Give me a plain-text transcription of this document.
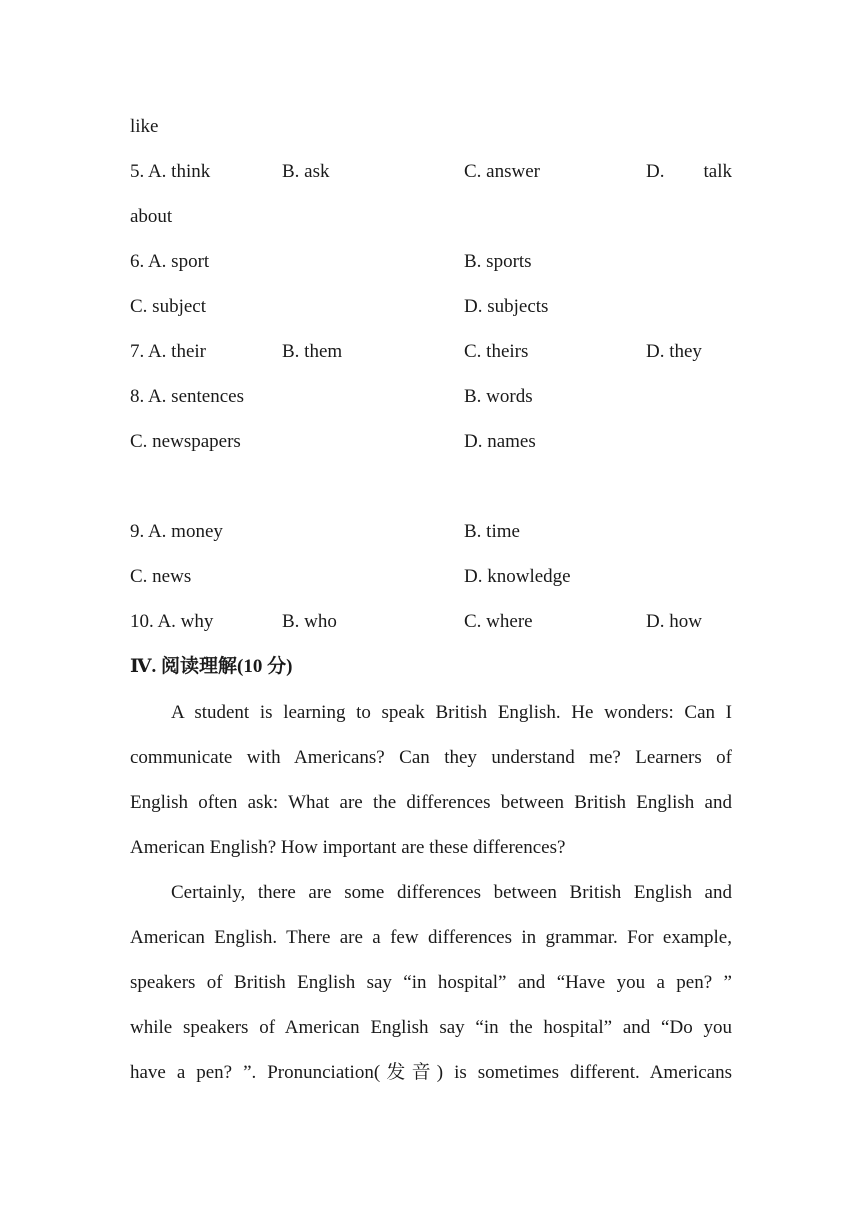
like
5. A. think	B. ask	C. answer	D. talk
about
6. A. sport	B. sports
C. subject	D. subjects
7. A. their	B. them	C. theirs	D. they
8. A. sentences	B. words
C. newspapers	D. names
9. A. money	B. time
C. news	D. knowledge
10. A. why	B. who	C. where	D. how
Ⅳ. 阅读理解(10 分)
A student is learning to speak British English. He wonders: Can I
communicate with Americans? Can they understand me? Learners of
English often ask: What are the differences between British English and
American English? How important are these differences?
Certainly, there are some differences between British English and
American English. There are a few differences in grammar. For example,
speakers of British English say “in hospital” and “Have you a pen? ”
while speakers of American English say “in the hospital” and “Do you
have a pen? ”. Pronunciation(发音) is sometimes different. Americans
